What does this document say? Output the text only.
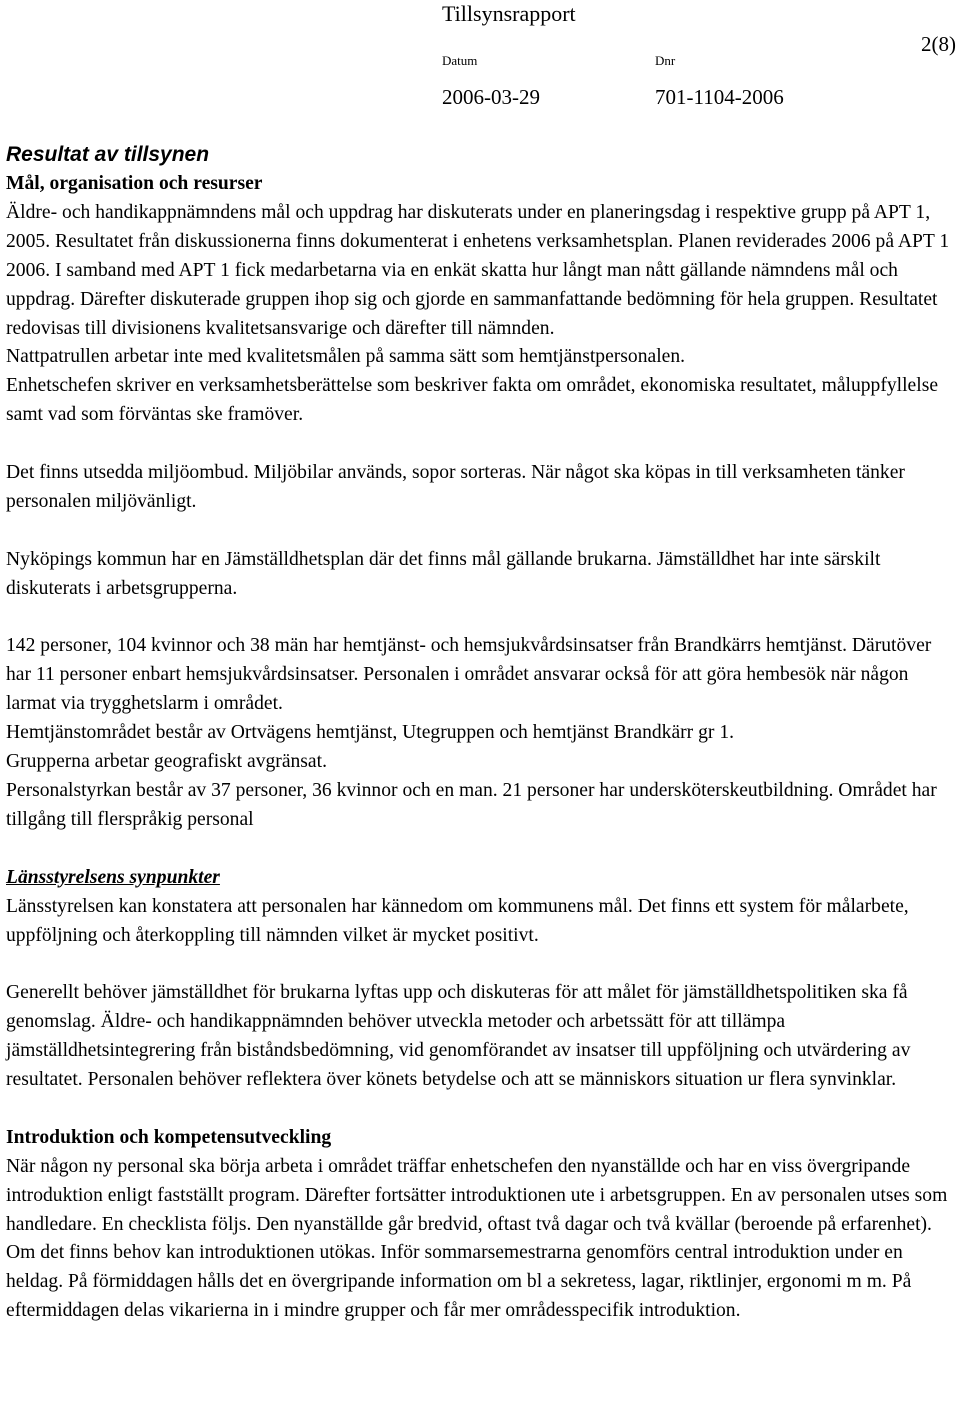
Tillsynsrapport
2(8)
Datum	Dnr
2006-03-29	701-1104-2006

Resultat av tillsynen

Mål, organisation och resurser

Äldre- och handikappnämndens mål och uppdrag har diskuterats under en planeringsdag i respektive grupp på APT 1, 2005. Resultatet från diskussionerna finns dokumenterat i enhetens verksamhetsplan. Planen reviderades 2006 på APT 1 2006. I samband med APT 1 fick medarbetarna via en enkät skatta hur långt man nått gällande nämndens mål och uppdrag. Därefter diskuterade gruppen ihop sig och gjorde en sammanfattande bedömning för hela gruppen. Resultatet redovisas till divisionens kvalitetsansvarige och därefter till nämnden.

Nattpatrullen arbetar inte med kvalitetsmålen på samma sätt som hemtjänstpersonalen.

Enhetschefen skriver en verksamhetsberättelse som beskriver fakta om området, ekonomiska resultatet, måluppfyllelse samt vad som förväntas ske framöver.

Det finns utsedda miljöombud. Miljöbilar används, sopor sorteras. När något ska köpas in till verksamheten tänker personalen miljövänligt.

Nyköpings kommun har en Jämställdhetsplan där det finns mål gällande brukarna. Jämställdhet har inte särskilt diskuterats i arbetsgrupperna.

142 personer, 104 kvinnor och 38 män har hemtjänst- och hemsjukvårdsinsatser från Brandkärrs hemtjänst. Därutöver har 11 personer enbart hemsjukvårdsinsatser. Personalen i området ansvarar också för att göra hembesök när någon larmat via trygghetslarm i området.

Hemtjänstområdet består av Ortvägens hemtjänst, Utegruppen och hemtjänst Brandkärr gr 1.

Grupperna arbetar geografiskt avgränsat.

Personalstyrkan består av 37 personer, 36 kvinnor och en man. 21 personer har undersköterskeutbildning. Området har tillgång till flerspråkig personal

Länsstyrelsens synpunkter

Länsstyrelsen kan konstatera att personalen har kännedom om kommunens mål. Det finns ett system för målarbete, uppföljning och återkoppling till nämnden vilket är mycket positivt.

Generellt behöver jämställdhet för brukarna lyftas upp och diskuteras för att målet för jämställdhetspolitiken ska få genomslag. Äldre- och handikappnämnden behöver utveckla metoder och arbetssätt för att tillämpa jämställdhetsintegrering från biståndsbedömning, vid genomförandet av insatser till uppföljning och utvärdering av resultatet. Personalen behöver reflektera över könets betydelse och att se människors situation ur flera synvinklar.

Introduktion och kompetensutveckling

När någon ny personal ska börja arbeta i området träffar enhetschefen den nyanställde och har en viss övergripande introduktion enligt fastställt program. Därefter fortsätter introduktionen ute i arbetsgruppen. En av personalen utses som handledare. En checklista följs. Den nyanställde går bredvid, oftast två dagar och två kvällar (beroende på erfarenhet). Om det finns behov kan introduktionen utökas. Inför sommarsemestrarna genomförs central introduktion under en heldag. På förmiddagen hålls det en övergripande information om bl a sekretess, lagar, riktlinjer, ergonomi m m. På eftermiddagen delas vikarierna in i mindre grupper och får mer områdesspecifik introduktion.
